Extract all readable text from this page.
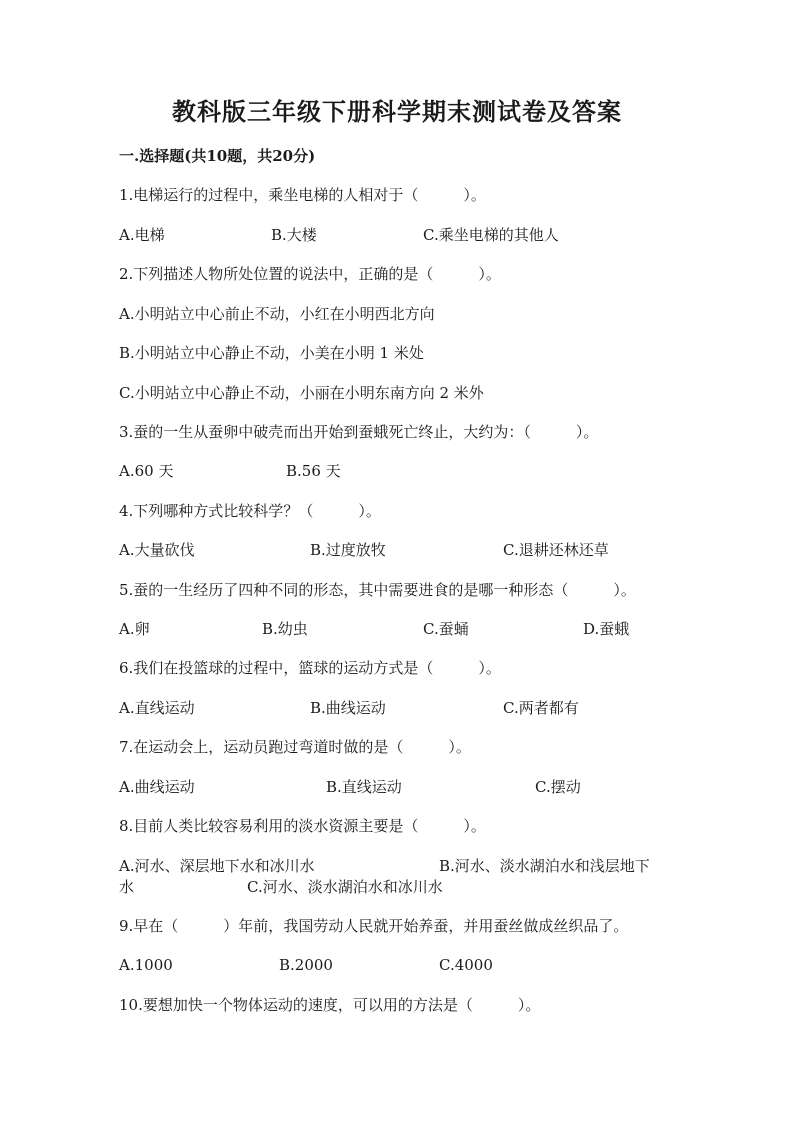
教科版三年级下册科学期末测试卷及答案
一.选择题(共10题，共20分)
1.电梯运行的过程中，乘坐电梯的人相对于（　　　）。
A.电梯	B.大楼	C.乘坐电梯的其他人
2.下列描述人物所处位置的说法中，正确的是（　　　）。
A.小明站立中心前止不动，小红在小明西北方向
B.小明站立中心静止不动，小美在小明 1 米处
C.小明站立中心静止不动，小丽在小明东南方向 2 米外
3.蚕的一生从蚕卵中破壳而出开始到蚕蛾死亡终止，大约为：（　　　）。
A.60 天	B.56 天
4.下列哪种方式比较科学？（　　　）。
A.大量砍伐	B.过度放牧	C.退耕还林还草
5.蚕的一生经历了四种不同的形态，其中需要进食的是哪一种形态（　　　）。
A.卵	B.幼虫	C.蚕蛹	D.蚕蛾
6.我们在投篮球的过程中，篮球的运动方式是（　　　）。
A.直线运动	B.曲线运动	C.两者都有
7.在运动会上，运动员跑过弯道时做的是（　　　）。
A.曲线运动	B.直线运动	C.摆动
8.目前人类比较容易利用的淡水资源主要是（　　　）。
A.河水、深层地下水和冰川水	B.河水、淡水湖泊水和浅层地下
水	C.河水、淡水湖泊水和冰川水
9.早在（　　　）年前，我国劳动人民就开始养蚕，并用蚕丝做成丝织品了。
A.1000	B.2000	C.4000
10.要想加快一个物体运动的速度，可以用的方法是（　　　）。
